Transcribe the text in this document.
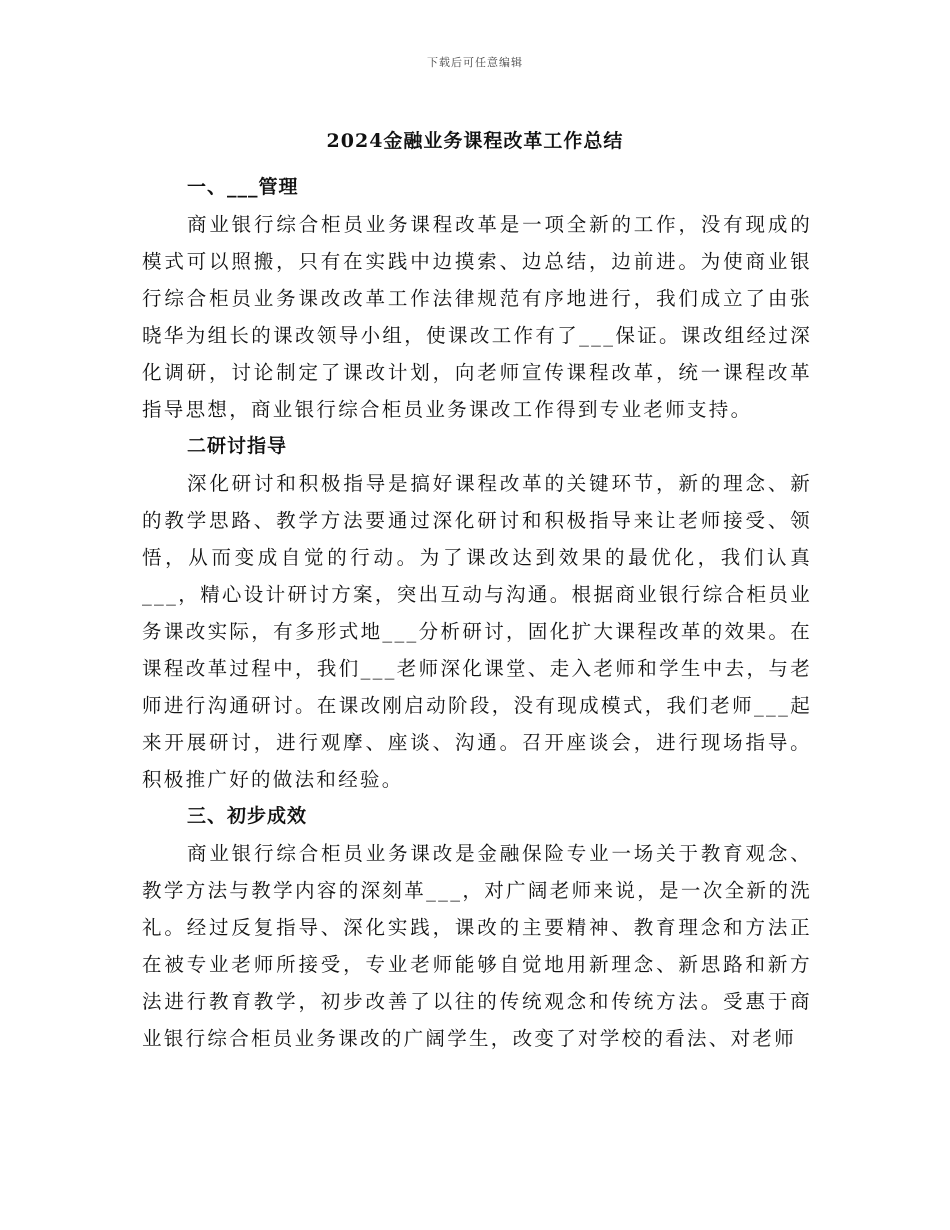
下载后可任意编辑
2024金融业务课程改革工作总结

一、___管理

商业银行综合柜员业务课程改革是一项全新的工作，没有现成的模式可以照搬，只有在实践中边摸索、边总结，边前进。为使商业银行综合柜员业务课改改革工作法律规范有序地进行，我们成立了由张晓华为组长的课改领导小组，使课改工作有了___保证。课改组经过深化调研，讨论制定了课改计划，向老师宣传课程改革，统一课程改革指导思想，商业银行综合柜员业务课改工作得到专业老师支持。

二研讨指导

深化研讨和积极指导是搞好课程改革的关键环节，新的理念、新的教学思路、教学方法要通过深化研讨和积极指导来让老师接受、领悟，从而变成自觉的行动。为了课改达到效果的最优化，我们认真___，精心设计研讨方案，突出互动与沟通。根据商业银行综合柜员业务课改实际，有多形式地___分析研讨，固化扩大课程改革的效果。在课程改革过程中，我们___老师深化课堂、走入老师和学生中去，与老师进行沟通研讨。在课改刚启动阶段，没有现成模式，我们老师___起来开展研讨，进行观摩、座谈、沟通。召开座谈会，进行现场指导。积极推广好的做法和经验。

三、初步成效

商业银行综合柜员业务课改是金融保险专业一场关于教育观念、教学方法与教学内容的深刻革___，对广阔老师来说，是一次全新的洗礼。经过反复指导、深化实践，课改的主要精神、教育理念和方法正在被专业老师所接受，专业老师能够自觉地用新理念、新思路和新方法进行教育教学，初步改善了以往的传统观念和传统方法。受惠于商业银行综合柜员业务课改的广阔学生，改变了对学校的看法、对老师
